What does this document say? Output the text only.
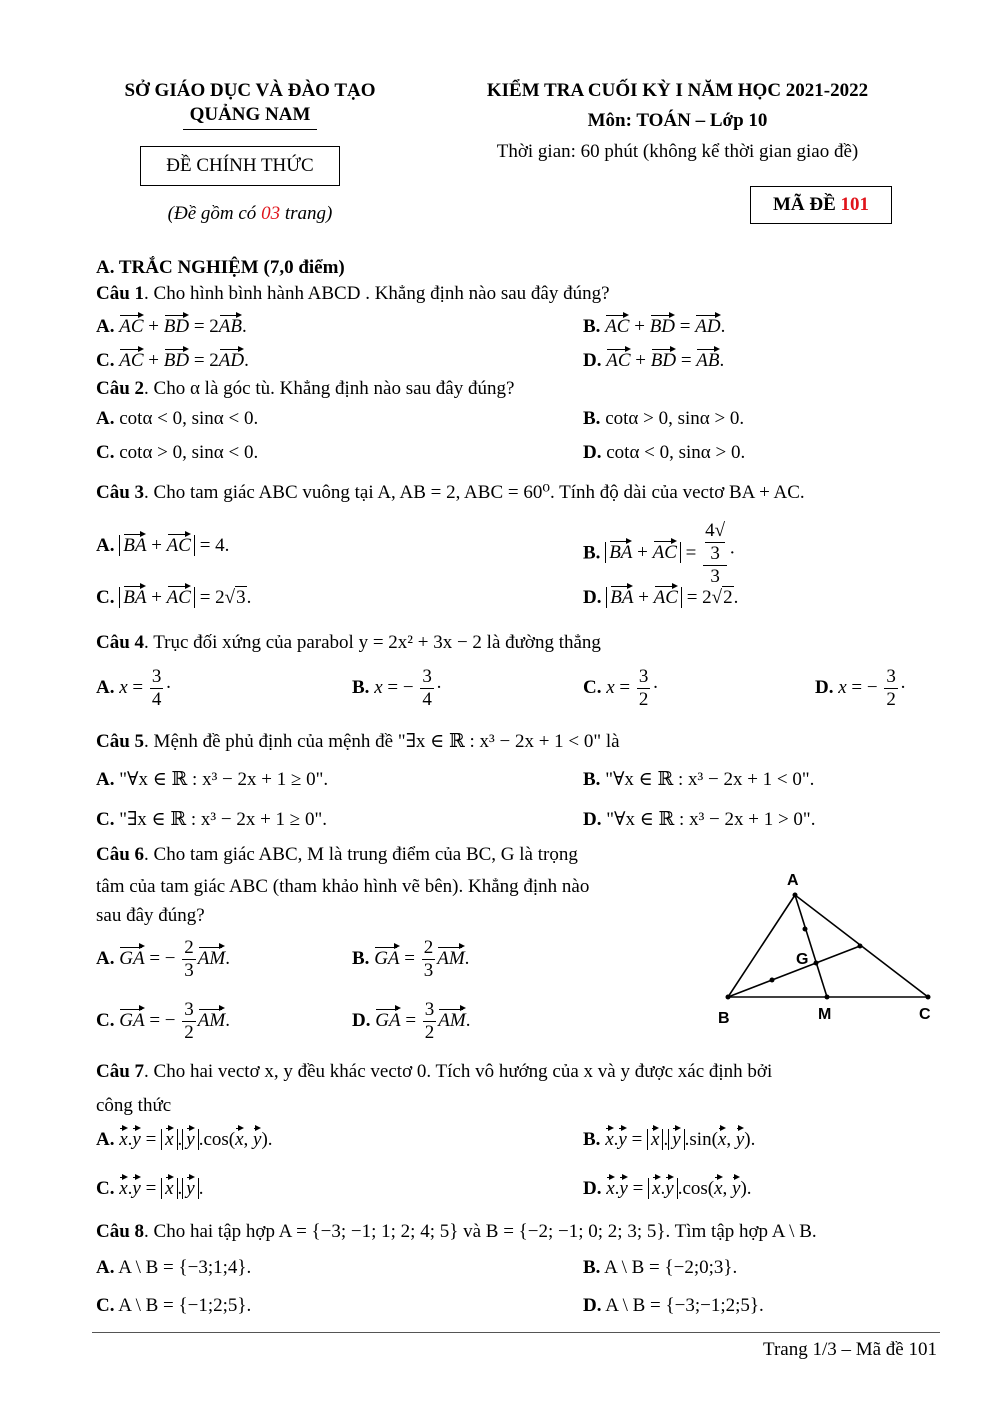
SỞ GIÁO DỤC VÀ ĐÀO TẠO
QUẢNG NAM
ĐỀ CHÍNH THỨC
(Đề gồm có 03 trang)
KIỂM TRA CUỐI KỲ I NĂM HỌC 2021-2022
Môn: TOÁN – Lớp 10
Thời gian: 60 phút (không kể thời gian giao đề)
MÃ ĐỀ 101
A. TRẮC NGHIỆM (7,0 điểm)
Câu 1. Cho hình bình hành ABCD . Khẳng định nào sau đây đúng?
A. AC + BD = 2AB.	B. AC + BD = AD.
C. AC + BD = 2AD.	D. AC + BD = AB.
Câu 2. Cho α là góc tù. Khẳng định nào sau đây đúng?
A. cotα < 0, sinα < 0.	B. cotα > 0, sinα > 0.
C. cotα > 0, sinα < 0.	D. cotα < 0, sinα > 0.
Câu 3. Cho tam giác ABC vuông tại A, AB = 2, ABC = 60⁰. Tính độ dài của vectơ BA + AC.
A. BA + AC = 4.	B. BA + AC = 4√
3
3 ·
C. BA + AC = 2√3.	D. BA + AC = 2√2.
Câu 4. Trục đối xứng của parabol y = 2x² + 3x − 2 là đường thẳng
A. $x = \frac{3}{4}$ ·	B. x = − $\frac{3}{4}$ ·	C. $x = \frac{3}{2}$ ·	D. x = − $\frac{3}{2}$ ·
Câu 5. Mệnh đề phủ định của mệnh đề "∃x ∈ ℝ : x³ − 2x + 1 < 0" là
A. "∀x ∈ ℝ : x³ − 2x + 1 ≥ 0".	B. "∀x ∈ ℝ : x³ − 2x + 1 < 0".
C. "∃x ∈ ℝ : x³ − 2x + 1 ≥ 0".	D. "∀x ∈ ℝ : x³ − 2x + 1 > 0".
Câu 6. Cho tam giác ABC, M là trung điểm của BC, G là trọng
tâm của tam giác ABC (tham khảo hình vẽ bên). Khẳng định nào
sau đây đúng?
A. GA = − $\frac{2}{3}$ AM.	B. GA = $\frac{2}{3}$ AM.
C. GA = − $\frac{3}{2}$ AM.	D. GA = $\frac{3}{2}$ AM.
A
B	C
M
G
Câu 7. Cho hai vectơ x, y đều khác vectơ 0. Tích vô hướng của x và y được xác định bởi
công thức
A. x.y = x . y .cos(x, y).	B. x.y = x . y .sin(x, y).
C. x.y = x . y .	D. x.y = x.y .cos(x, y).
Câu 8. Cho hai tập hợp A = {−3; −1; 1; 2; 4; 5} và B = {−2; −1; 0; 2; 3; 5}. Tìm tập hợp A \ B.
A. A \ B = {−3;1;4}.	B. A \ B = {−2;0;3}.
C. A \ B = {−1;2;5}.	D. A \ B = {−3;−1;2;5}.
Trang 1/3 – Mã đề 101
